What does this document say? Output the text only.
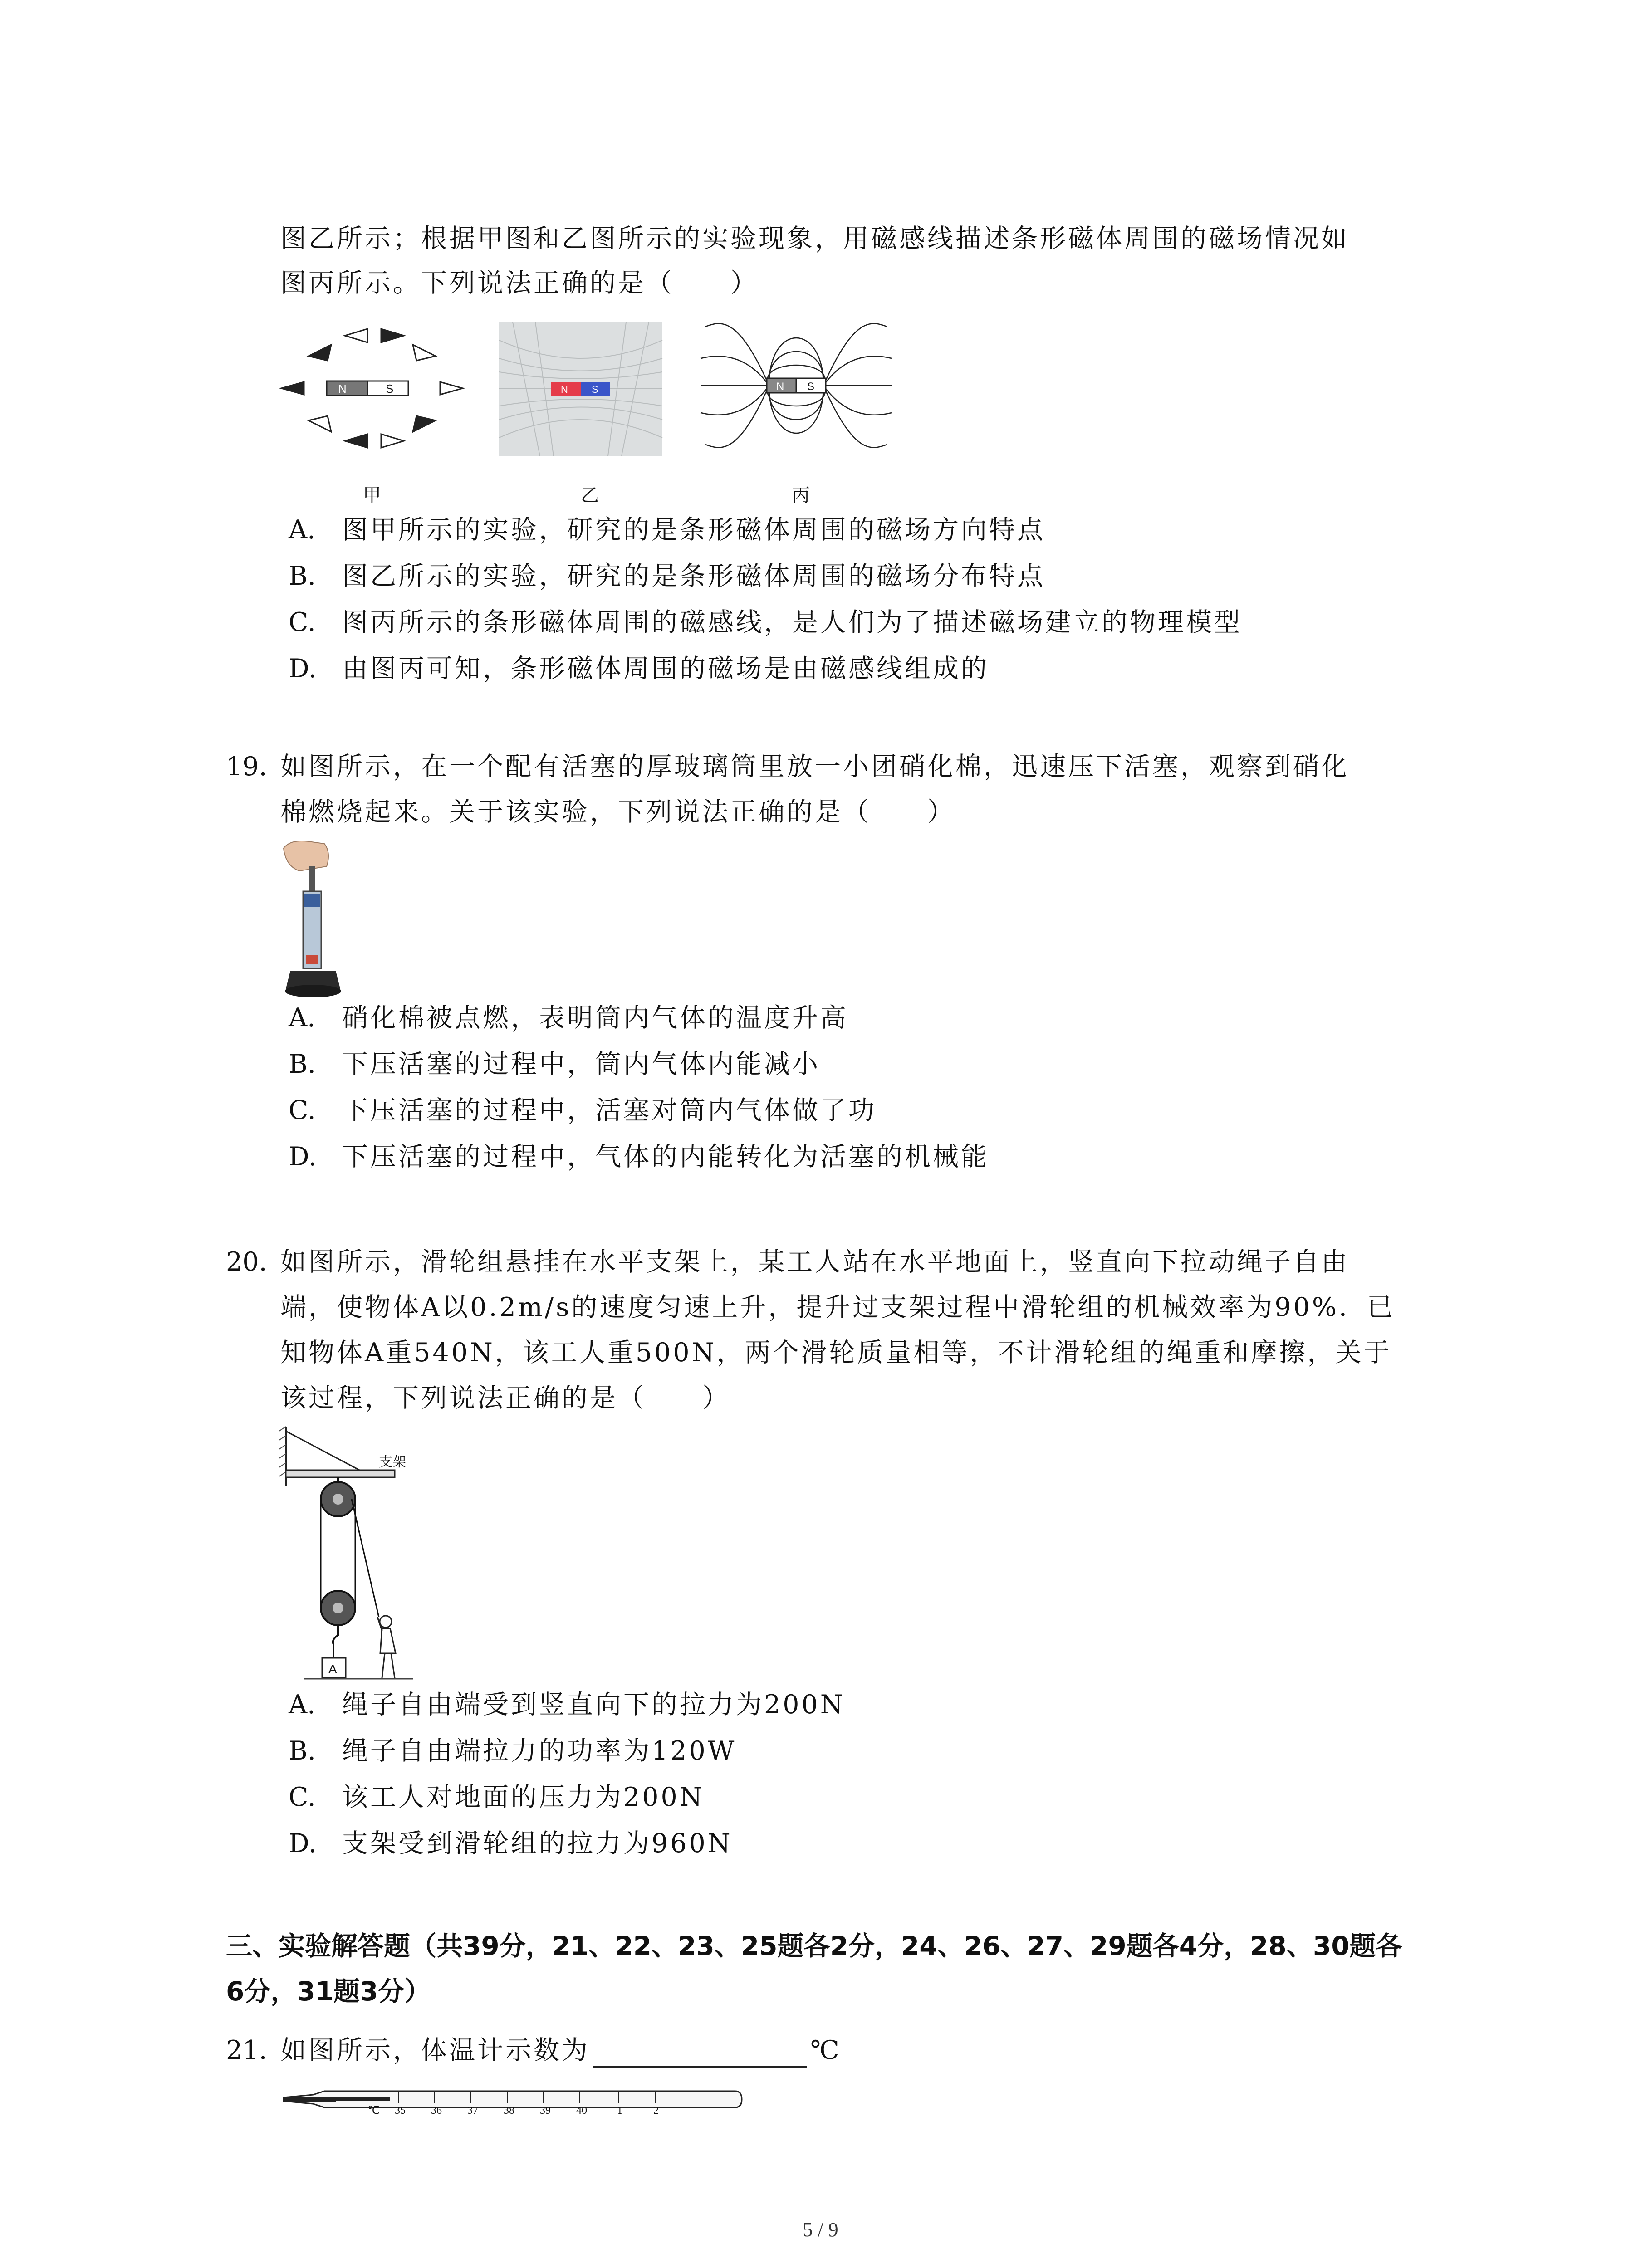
图乙所示；根据甲图和乙图所示的实验现象，用磁感线描述条形磁体周围的磁场情况如
图丙所示。下列说法正确的是（　　）
N	S
甲
N S
乙
N S
丙
A. 图甲所示的实验，研究的是条形磁体周围的磁场方向特点
B. 图乙所示的实验，研究的是条形磁体周围的磁场分布特点
C. 图丙所示的条形磁体周围的磁感线，是人们为了描述磁场建立的物理模型
D. 由图丙可知，条形磁体周围的磁场是由磁感线组成的
19. 如图所示，在一个配有活塞的厚玻璃筒里放一小团硝化棉，迅速压下活塞，观察到硝化
棉燃烧起来。关于该实验，下列说法正确的是（　　）
A. 硝化棉被点燃，表明筒内气体的温度升高
B. 下压活塞的过程中，筒内气体内能减小
C. 下压活塞的过程中，活塞对筒内气体做了功
D. 下压活塞的过程中，气体的内能转化为活塞的机械能
20. 如图所示，滑轮组悬挂在水平支架上，某工人站在水平地面上，竖直向下拉动绳子自由
端，使物体A以0.2m/s的速度匀速上升，提升过支架过程中滑轮组的机械效率为90%．已
知物体A重540N，该工人重500N，两个滑轮质量相等，不计滑轮组的绳重和摩擦，关于
该过程，下列说法正确的是（　　）
支架
A
A. 绳子自由端受到竖直向下的拉力为200N
B. 绳子自由端拉力的功率为120W
C. 该工人对地面的压力为200N
D. 支架受到滑轮组的拉力为960N
三、实验解答题（共39分，21、22、23、25题各2分，24、26、27、29题各4分，28、30题各
6分，31题3分）
21. 如图所示，体温计示数为	℃
℃ 35 36 37 38 39 40	1	2
5 / 9
